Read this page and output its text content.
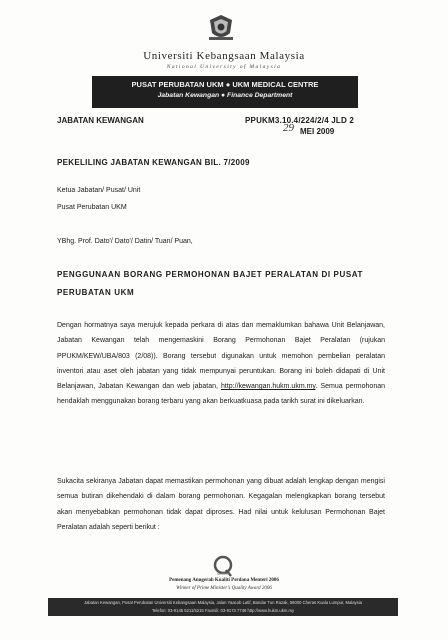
Universiti Kebangsaan Malaysia
National University of Malaysia
PUSAT PERUBATAN UKM ● UKM MEDICAL CENTRE
Jabatan Kewangan ● Finance Department
JABATAN KEWANGAN	PPUKM3.10.4/224/2/4 JLD 2
29 MEI 2009
PEKELILING JABATAN KEWANGAN BIL. 7/2009
Ketua Jabatan/ Pusat/ Unit
Pusat Perubatan UKM
YBhg. Prof. Dato'/ Dato'/ Datin/ Tuan/ Puan,
PENGGUNAAN BORANG PERMOHONAN BAJET PERALATAN DI PUSAT PERUBATAN UKM
Dengan hormatnya saya merujuk kepada perkara di atas dan memaklumkan bahawa Unit Belanjawan, Jabatan Kewangan telah mengemaskini Borang Permohonan Bajet Peralatan (rujukan PPUKM/KEW/UBA/803 (2/08)). Borang tersebut digunakan untuk memohon pembelian peralatan inventori atau aset oleh jabatan yang tidak mempunyai peruntukan. Borang ini boleh didapati di Unit Belanjawan, Jabatan Kewangan dan web jabatan, http://kewangan.hukm.ukm.my. Semua permohonan hendaklah menggunakan borang terbaru yang akan berkuatkuasa pada tarikh surat ini dikeluarkan.
Sukacita sekiranya Jabatan dapat memastikan permohonan yang dibuat adalah lengkap dengan mengisi semua butiran dikehendaki di dalam borang permohonan. Kegagalan melengkapkan borang tersebut akan menyebabkan permohonan tidak dapat diproses. Had nilai untuk kelulusan Permohonan Bajet Peralatan adalah seperti berikut :
Pemenang Anugerah Kualiti Perdana Menteri 2006
Winner of Prime Minister's Quality Award 2006
Jabatan Kewangan, Pusat Perubatan Universiti Kebangsaan Malaysia, Jalan Yaacob Latif, Bandar Tun Razak, 56000 Cheras Kuala Lumpur, Malaysia
Telefon: 03-9145 5211/5215 Faxmili: 03-9173 7748 http://www.hukm.ukm.my
